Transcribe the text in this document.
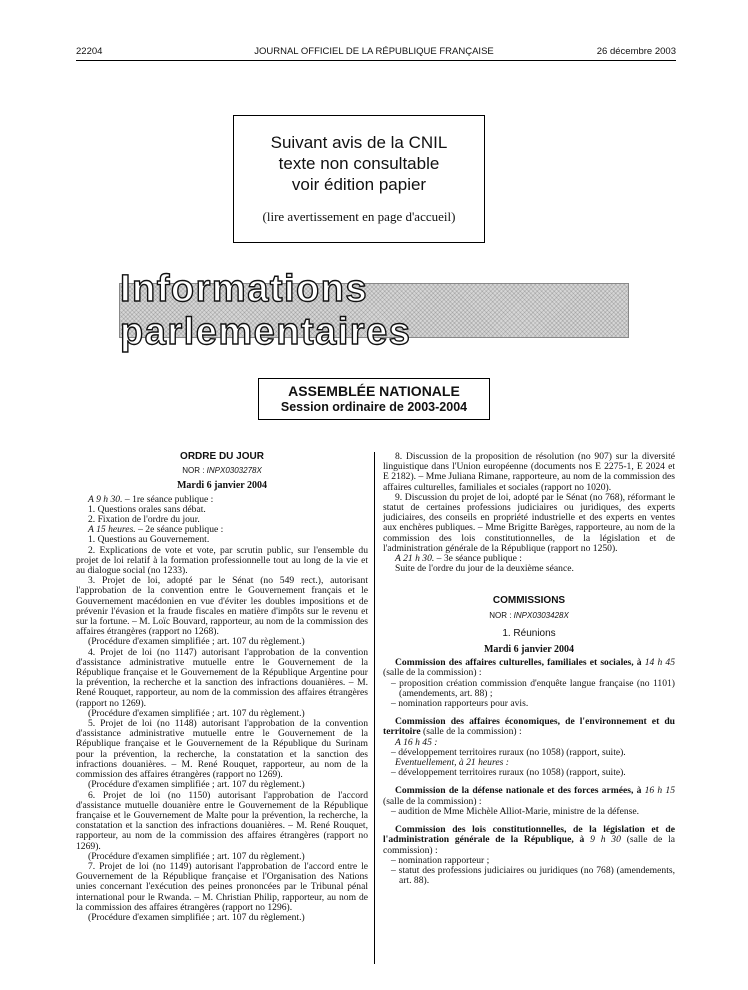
22204	JOURNAL OFFICIEL DE LA RÉPUBLIQUE FRANÇAISE	26 décembre 2003
Suivant avis de la CNIL
texte non consultable
voir édition papier
(lire avertissement en page d'accueil)
Informations parlementaires
ASSEMBLÉE NATIONALE
Session ordinaire de 2003-2004
ORDRE DU JOUR
NOR : INPX0303278X
Mardi 6 janvier 2004

A 9 h 30. – 1re séance publique :

1. Questions orales sans débat.

2. Fixation de l'ordre du jour.

A 15 heures. – 2e séance publique :

1. Questions au Gouvernement.

2. Explications de vote et vote, par scrutin public, sur l'ensemble du projet de loi relatif à la formation professionnelle tout au long de la vie et au dialogue social (no 1233).

3. Projet de loi, adopté par le Sénat (no 549 rect.), autorisant l'approbation de la convention entre le Gouvernement français et le Gouvernement macédonien en vue d'éviter les doubles impositions et de prévenir l'évasion et la fraude fiscales en matière d'impôts sur le revenu et sur la fortune. – M. Loïc Bouvard, rapporteur, au nom de la commission des affaires étrangères (rapport no 1268).

(Procédure d'examen simplifiée ; art. 107 du règlement.)

4. Projet de loi (no 1147) autorisant l'approbation de la convention d'assistance administrative mutuelle entre le Gouvernement de la République française et le Gouvernement de la République Argentine pour la prévention, la recherche et la sanction des infractions douanières. – M. René Rouquet, rapporteur, au nom de la commission des affaires étrangères (rapport no 1269).

(Procédure d'examen simplifiée ; art. 107 du règlement.)

5. Projet de loi (no 1148) autorisant l'approbation de la convention d'assistance administrative mutuelle entre le Gouvernement de la République française et le Gouvernement de la République du Surinam pour la prévention, la recherche, la constatation et la sanction des infractions douanières. – M. René Rouquet, rapporteur, au nom de la commission des affaires étrangères (rapport no 1269).

(Procédure d'examen simplifiée ; art. 107 du règlement.)

6. Projet de loi (no 1150) autorisant l'approbation de l'accord d'assistance mutuelle douanière entre le Gouvernement de la République française et le Gouvernement de Malte pour la prévention, la recherche, la constatation et la sanction des infractions douanières. – M. René Rouquet, rapporteur, au nom de la commission des affaires étrangères (rapport no 1269).

(Procédure d'examen simplifiée ; art. 107 du règlement.)

7. Projet de loi (no 1149) autorisant l'approbation de l'accord entre le Gouvernement de la République française et l'Organisation des Nations unies concernant l'exécution des peines prononcées par le Tribunal pénal international pour le Rwanda. – M. Christian Philip, rapporteur, au nom de la commission des affaires étrangères (rapport no 1296).

(Procédure d'examen simplifiée ; art. 107 du règlement.)

8. Discussion de la proposition de résolution (no 907) sur la diversité linguistique dans l'Union européenne (documents nos E 2275-1, E 2024 et E 2182). – Mme Juliana Rimane, rapporteure, au nom de la commission des affaires culturelles, familiales et sociales (rapport no 1020).

9. Discussion du projet de loi, adopté par le Sénat (no 768), réformant le statut de certaines professions judiciaires ou juridiques, des experts judiciaires, des conseils en propriété industrielle et des experts en ventes aux enchères publiques. – Mme Brigitte Barèges, rapporteure, au nom de la commission des lois constitutionnelles, de la législation et de l'administration générale de la République (rapport no 1250).

A 21 h 30. – 3e séance publique :

Suite de l'ordre du jour de la deuxième séance.

COMMISSIONS
NOR : INPX0303428X
1. Réunions
Mardi 6 janvier 2004

Commission des affaires culturelles, familiales et sociales, à 14 h 45 (salle de la commission) :

– proposition création commission d'enquête langue française (no 1101) (amendements, art. 88) ;

– nomination rapporteurs pour avis.

Commission des affaires économiques, de l'environnement et du territoire (salle de la commission) :

A 16 h 45 :

– développement territoires ruraux (no 1058) (rapport, suite).

Eventuellement, à 21 heures :

– développement territoires ruraux (no 1058) (rapport, suite).

Commission de la défense nationale et des forces armées, à 16 h 15 (salle de la commission) :

– audition de Mme Michèle Alliot-Marie, ministre de la défense.

Commission des lois constitutionnelles, de la législation et de l'administration générale de la République, à 9 h 30 (salle de la commission) :

– nomination rapporteur ;

– statut des professions judiciaires ou juridiques (no 768) (amendements, art. 88).
